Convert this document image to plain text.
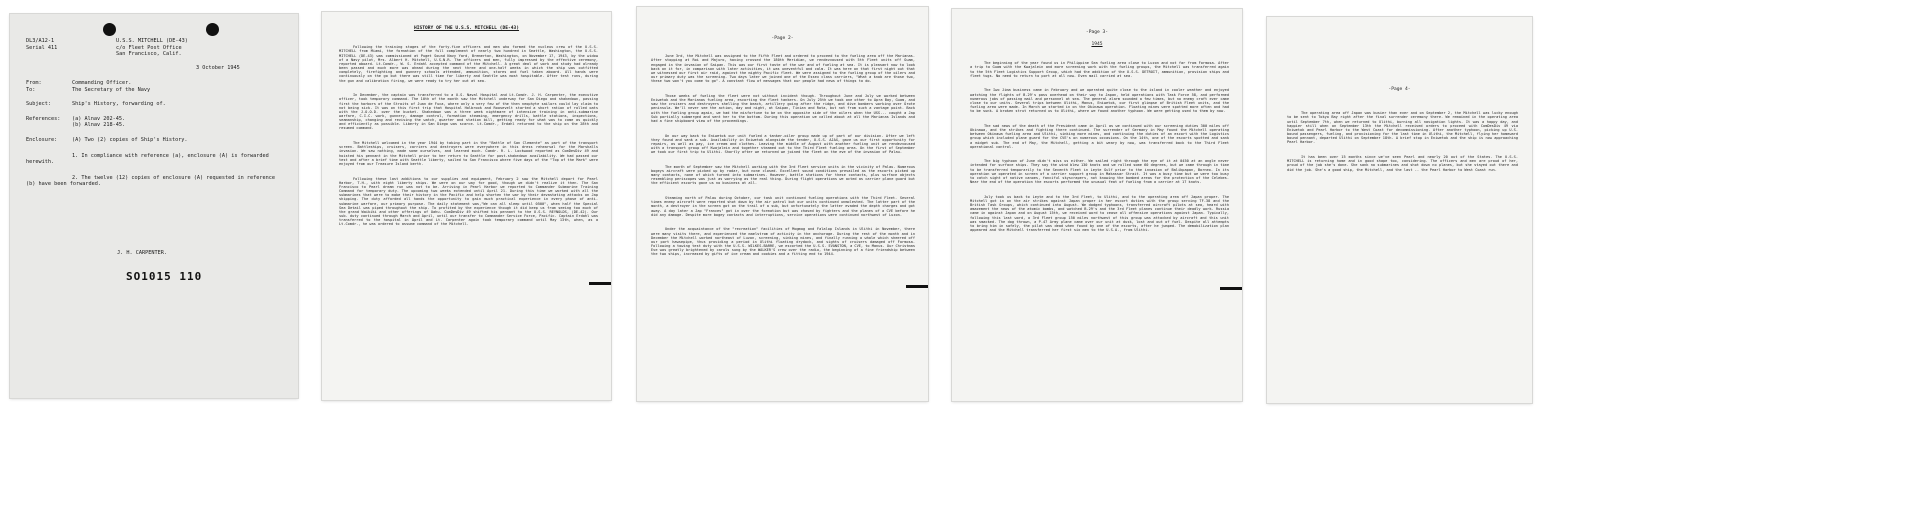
DL3/A12-1
Serial 411
U.S.S. MITCHELL (DE-43)
c/o Fleet Post Office
San Francisco, Calif.
3 October 1945
From:	Commanding Officer.
To:	The Secretary of the Navy
Subject:	Ship's History, forwarding of.
References:	(a) Alnav 202-45.
(b) Alnav 218-45.
Enclosure:	(A) Two (2) copies of Ship's History.
1. In compliance with reference (a), enclosure (A) is forwarded herewith.
2. The twelve (12) copies of enclosure (A) requested in reference (b) have been forwarded.
J. H. CARPENTER.
SO1015 110
HISTORY OF THE U.S.S. MITCHELL (DE-43)

Following the training stages of the forty-five officers and men who formed the nucleus crew of the U.S.S. MITCHELL from Miami, the formation of the full complement of nearly two hundred in Seattle, Washington, the U.S.S. MITCHELL (DE-43) was commissioned at Puget Sound Navy Yard, Bremerton, Washington, on November 17, 1943, by the widow of a Navy pilot, Mrs. Albert H. Mitchell, U.S.N.R. The officers and men, fully impressed by the effective ceremony, reported aboard. Lt.Comdr., W. S. Erdahl accepted command of the Mitchell. A great deal of work and study had already been passed and much more was ahead during the next three and one-half weeks in which the ship was outfitted completely, firefighting and gunnery schools attended, ammunition, stores and fuel taken aboard. All hands were continuously on the go but there was still time for liberty and Seattle was most hospitable. After test runs, during the gun and calibration firing, we were ready to try her out at sea.

In December, the captain was transferred to a U.S. Naval Hospital and Lt.Comdr. J. H. Carpenter, the executive officer, took temporary command. The 10th of the month saw the Mitchell underway for San Diego and shakedown, passing first the harbors of the Straits of Juan de Fuca, where only a very few of the then neophyte sailors could lay claim to not being sick. It was on this first trip that Hospital Holbrook and Roosevelt started a short ration of rolled oats with the J.O.O.D. over the bucket. Shakedown was a three week nightmare of intensive training in anti-submarine warfare, C.I.C. work, gunnery, damage control, formation steaming, emergency drills, battle stations, inspections, seamanship, changing and revising the watch, quarter and station bill, getting ready for what was to come as quickly and efficiently as possible. Liberty in San Diego was scarce. Lt.Comdr., Erdahl returned to the ship on the 28th and resumed command.

The Mitchell welcomed in the year 1944 by taking part in the "Battle of San Clemente" as part of the transport screen. Battleships, cruisers, carriers and destroyers were everywhere in this dress rehearsal for the Marshalls invasion. We saw nothing, made some ourselves, and learned much. Comdr. R. L. Lockwood reported as ComDesDiv 49 and hoisted his pennant in the Mitchell prior to her return to Seattle for post-shakedown availability. We had passed our test and after a brief time with Seattle liberty, sailed to San Francisco where five days of the "Top of the Mark" were enjoyed from our Treasure Island berth.

Following these last additions to our supplies and equipment, February 2 saw the Mitchell depart for Pearl Harbor, T.H., with eight liberty ships. We were on our way for good, though we didn't realize it then. The San Francisco to Pearl dream run was not to be. Arriving in Pearl Harbor we reported to Commander Submarine Training Command for temporary duty. The upcoming two weeks extended until April 21. During this time we worked with all the submarines that were to make their history in the Pacific and help shorten the war by their devastating attacks on Jap shipping. The duty afforded all hands the opportunity to gain much practical experience in every phase of anti-submarine warfare, our primary purpose. The daily statement was,"We can all sleep until 0500", when half the Special Sea Detail was piped throughout the ship. To profited by the experience though it did keep us from seeing too much of the grand Waikiki and other offerings of Oahu. ComDesDiv 49 shifted his pennant to the U.S.S. REYNOLDS, (DE-42). Our sub. duty continued through March and April, until our transfer to Commander Service Force, Pacific. Captain Erdahl was transferred to the hospital in April and Lt. Carpenter again took temporary command until May 13th, when, as a Lt.Comdr., he was ordered to assume command of the Mitchell.

-Page 2-

June 3rd, the Mitchell was assigned to the Fifth Fleet and ordered to proceed to the fueling area off the Marianas. After stopping at Roi and Majuro, having crossed the 180th Meridian, we rendezvoused with 5th Fleet units off Guam, engaged in the invasion of Saipan. This was our first taste of the war and of fueling at sea. It is pleasant now to look back on it for, in comparison with later activities, it was uneventful and calm. It was here on that first night out that we witnessed our first air raid, against the mighty Pacific fleet. We were assigned to the fueling group of the oilers and our primary duty was the screening. Two days later we joined one of the Essex class carriers, "What a knob are those two, these two won't you come to go". A constant flow of messages that our people had news of things to do.

Those weeks of fueling the fleet were not without incident though. Throughout June and July we worked between Eniwetok and the Marianas fueling area, escorting the fleet tankers. On July 25th we took one other to Apra Bay, Guam, and saw the cruisers and destroyers shelling the beach, artillery going after the ridge, and dive bombers working over Orote peninsula. We'll never see the action, day and night, at Saipan, Tinian and Rota, but not from such a vantage point. Back with the fueling group again, we had the misfortune to be on the opposite side of the oilers when the USS... caught a Jap Sub partially submerged and sent her to the bottom. During this operation we called about at all the Marianas Islands and had a fine shipboard view of the proceedings.

On our way back to Eniwetok our unit fueled a tanker-oiler group made up of part of our division. After we left they found and sank a sub. Availability in Eniwetok alongside the tender, U.S.S. AJAX, gave us our first opportunity for repairs, as well as pay, ice cream and clothes. Leaving the middle of August with another fueling unit we rendezvoused with a transport group off Kwajalein and together steamed out to the Third Fleet fueling area. On the first of September we took our first trip to Ulithi. Shortly after we returned we joined the fleet on the eve of the invasion of Palau.

The month of September saw the Mitchell working with the 3rd Fleet service units in the vicinity of Palau. Numerous bogeys aircraft were picked up by radar, but none closed. Excellent sound conditions prevailed as the escorts picked up many contacts, none of which turned into submarines. However, battle stations for these contacts, plus surface objects resembling periscopes was just as worrying as the real thing. During flight operations we acted as carrier plane guard but the efficient escorts gave us no business at all.

Steaming north of Palau during October, our task unit continued fueling operations with the Third Fleet. Several times enemy aircraft were reported shot down by the air patrol but our units continued unmolested. The latter part of the month, a destroyer in the screen got on the trail of a sub, but unfortunately the latter evaded the depth charges and got away. A day later a Jap "Frances" got in over the formation but was chased by fighters and the planes of a CVE before he did any damage. Despite more bogey contacts and interruptions, service operations were continued northwest of Luzon.

Under the acquaintance of the "recreation" facilities of Mogmog and Falalop Islands in Ulithi in November, there were many visits there, and experienced the maelstrom of activity in the anchorage. During the rest of the month and in December the Mitchell worked northeast of Luzon, screening, sinking mines, and finally running a whale which sheered off our port hawsepipe, thus providing a period in Ulithi floating drydock, and sights of cruisers damaged off Formosa. Following a towing test duty with the U.S.S. WILKES-BARRE, we escorted the U.S.S. EVANSTON, a CVE, to Manus. Our Christmas Eve was greatly brightened by carols sung by the WALKER'S crew over the radio, the beginning of a fine friendship between the two ships, increased by gifts of ice cream and cookies and a fitting end to 1944.

-Page 3-
1945

The beginning of the year found us in Philippine Sea fueling area close to Luzon and not far from Formosa. After a trip to Guam with the Kwajalein and more screening work with the fueling groups, the Mitchell was transferred again to the 5th Fleet Logistics Support Group, which had the addition of the U.S.S. DETROIT, ammunition, provision ships and fleet tugs. No need to return to port at all now. Even mail carried at sea.

The Iwo Jima business came in February and we operated quite close to the island in cooler weather and enjoyed watching the flights of B-29's pass overhead on their way to Japan, held operations with Task Force 58, and performed numerous jobs of passing mail and personnel at sea. The general alarm sounded a few times, but no enemy craft ever came close to our units. Several trips between Ulithi, Manus, Eniwetok, our first glimpse of British Fleet units, and the fueling area were made. In March we started in on the Okinawa operation. Floating mines were spotted more often and had to be sunk. A broken strut returned us to Ulithi, where we found another typhoon. We were getting used to them by now.

The sad news of the death of the President came in April as we continued with our screening duties 300 miles off Okinawa, and the strikes and fighting there continued. The surrender of Germany in May found the Mitchell operating between Okinawa fueling area and Ulithi, sinking more mines, and continuing the duties of an escort with the Logistics group which included plane guard for the CVE's on numerous occasions. On the 14th, one of the escorts spotted and sank a midget sub. The end of May, the Mitchell, getting a bit weary by now, was transferred back to the Third Fleet operational control.

The big typhoon of June didn't miss us either. We sailed right through the eye of it at 0450 at an angle never intended for surface ships. They say the wind blew 130 knots and we rolled some 60 degrees, but we came through in time to be transferred temporarily to the Seventh Fleet in Leyte Gulf prior to the invasion of Balikpapan, Borneo. In its operation we operated in screen of a carrier support group in Makassar Strait. It was a busy time but we were too busy to catch sight of native canoes, fanciful skyscrapers, not knowing the bombed areas for the protection of the Celebes. Near the end of the operation the escorts performed the unusual feat of fueling from a carrier at 17 knots.

July took us back to Leyte and to the 3rd Fleet, to Ulithi, and to the operating area off Japan proper. The Mitchell got in on the air strikes against Japan proper in her escort duties with the group serving TF-38 and the British Task Groups, which continued into August. We dodged typhoons, transferred aircraft pilots at sea, heard with amazement the news of the atomic bombs, and watched B-29's and the 3rd Fleet planes continue their deadly work. Russia came in against Japan and on August 15th, we received word to cease all offensive operations against Japan. Typically, following this last word, a 3rd Fleet group 150 miles northwest of this group was attacked by aircraft and this unit was smacked. The dog thrown, a P-47 Army plane came over our unit at dusk, lost and out of fuel. Despite all attempts to bring him in safely, the pilot was dead when found by one of the escorts, after he jumped. The demobilization plan appeared and the Mitchell transferred her first six men to the U.S.A., from Ulithi.

-Page 4-

The operating area off Japan was busier than ever and on September 2, the Mitchell was lucky enough to be sent to Tokyo Bay right after the final surrender ceremony there. We remained in the operating area until September 7th, when we returned to Ulithi, burning all navigation lights. It was a happy day, and happier still when on September 13th the Mitchell received orders to proceed with ComDesDiv 49 via Eniwetok and Pearl Harbor to the West Coast for decommissioning. After another typhoon, picking up U.S. bound passengers, fueling, and provisioning for the last time in Ulithi, the Mitchell, flying her homeward bound pennant, departed Ulithi on September 18th. A brief stop in Eniwetok and the ship is now approaching Pearl Harbor.

It has been over 15 months since we've seen Pearl and nearly 20 out of the States. The U.S.S. MITCHELL is returning home and in good shape too, considering. The officers and men are proud of her, proud of the job she's done. She sank no submarines and shot down no planes, but she stayed out there and did the job. She's a good ship, the Mitchell, and the last -- the Pearl Harbor to West Coast run.
